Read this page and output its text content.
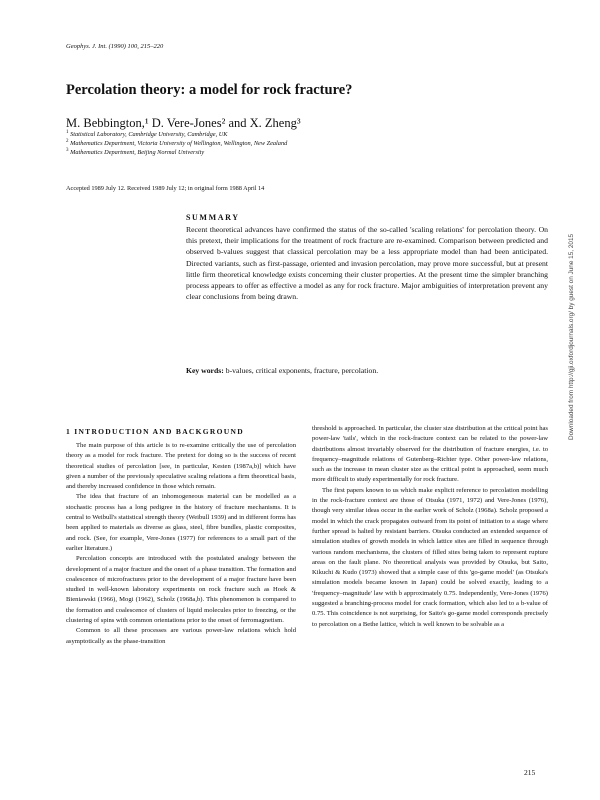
Geophys. J. Int. (1990) 100, 215–220
Percolation theory: a model for rock fracture?
M. Bebbington,¹ D. Vere-Jones² and X. Zheng³
$^1$ Statistical Laboratory, Cambridge University, Cambridge, UK
$^2$ Mathematics Department, Victoria University of Wellington, Wellington, New Zealand
$^3$ Mathematics Department, Beijing Normal University
Accepted 1989 July 12. Received 1989 July 12; in original form 1988 April 14
SUMMARY

Recent theoretical advances have confirmed the status of the so-called 'scaling relations' for percolation theory. On this pretext, their implications for the treatment of rock fracture are re-examined. Comparison between predicted and observed b-values suggest that classical percolation may be a less appropriate model than had been anticipated. Directed variants, such as first-passage, oriented and invasion percolation, may prove more successful, but at present little firm theoretical knowledge exists concerning their cluster properties. At the present time the simpler branching process appears to offer as effective a model as any for rock fracture. Major ambiguities of interpretation prevent any clear conclusions from being drawn.

Key words: b-values, critical exponents, fracture, percolation.
1 INTRODUCTION AND BACKGROUND

The main purpose of this article is to re-examine critically the use of percolation theory as a model for rock fracture. The pretext for doing so is the success of recent theoretical studies of percolation [see, in particular, Kesten (1987a,b)] which have given a number of the previously speculative scaling relations a firm theoretical basis, and thereby increased confidence in those which remain.

The idea that fracture of an inhomogeneous material can be modelled as a stochastic process has a long pedigree in the history of fracture mechanisms. It is central to Weibull's statistical strength theory (Weibull 1939) and in different forms has been applied to materials as diverse as glass, steel, fibre bundles, plastic composites, and rock. (See, for example, Vere-Jones (1977) for references to a small part of the earlier literature.)

Percolation concepts are introduced with the postulated analogy between the development of a major fracture and the onset of a phase transition. The formation and coalescence of microfractures prior to the development of a major fracture have been studied in well-known laboratory experiments on rock fracture such as Hoek & Bieniawski (1966), Mogi (1962), Scholz (1968a,b). This phenomenon is compared to the formation and coalescence of clusters of liquid molecules prior to freezing, or the clustering of spins with common orientations prior to the onset of ferromagnetism.

Common to all these processes are various power-law relations which hold asymptotically as the phase-transition

threshold is approached. In particular, the cluster size distribution at the critical point has power-law 'tails', which in the rock-fracture context can be related to the power-law distributions almost invariably observed for the distribution of fracture energies, i.e. to frequency–magnitude relations of Gutenberg–Richter type. Other power-law relations, such as the increase in mean cluster size as the critical point is approached, seem much more difficult to study experimentally for rock fracture.

The first papers known to us which make explicit reference to percolation modelling in the rock-fracture context are those of Otsuka (1971, 1972) and Vere-Jones (1976), though very similar ideas occur in the earlier work of Scholz (1968a). Scholz proposed a model in which the crack propagates outward from its point of initiation to a stage where further spread is halted by resistant barriers. Otsuka conducted an extended sequence of simulation studies of growth models in which lattice sites are filled in sequence through various random mechanisms, the clusters of filled sites being taken to represent rupture areas on the fault plane. No theoretical analysis was provided by Otsuka, but Saito, Kikuchi & Kudo (1973) showed that a simple case of this 'go-game model' (as Otsuka's simulation models became known in Japan) could be solved exactly, leading to a 'frequency–magnitude' law with b approximately 0.75. Independently, Vere-Jones (1976) suggested a branching-process model for crack formation, which also led to a b-value of 0.75. This coincidence is not surprising, for Saito's go-game model corresponds precisely to percolation on a Bethe lattice, which is well known to be solvable as a

215
Downloaded from http://gji.oxfordjournals.org/ by guest on June 15, 2015
